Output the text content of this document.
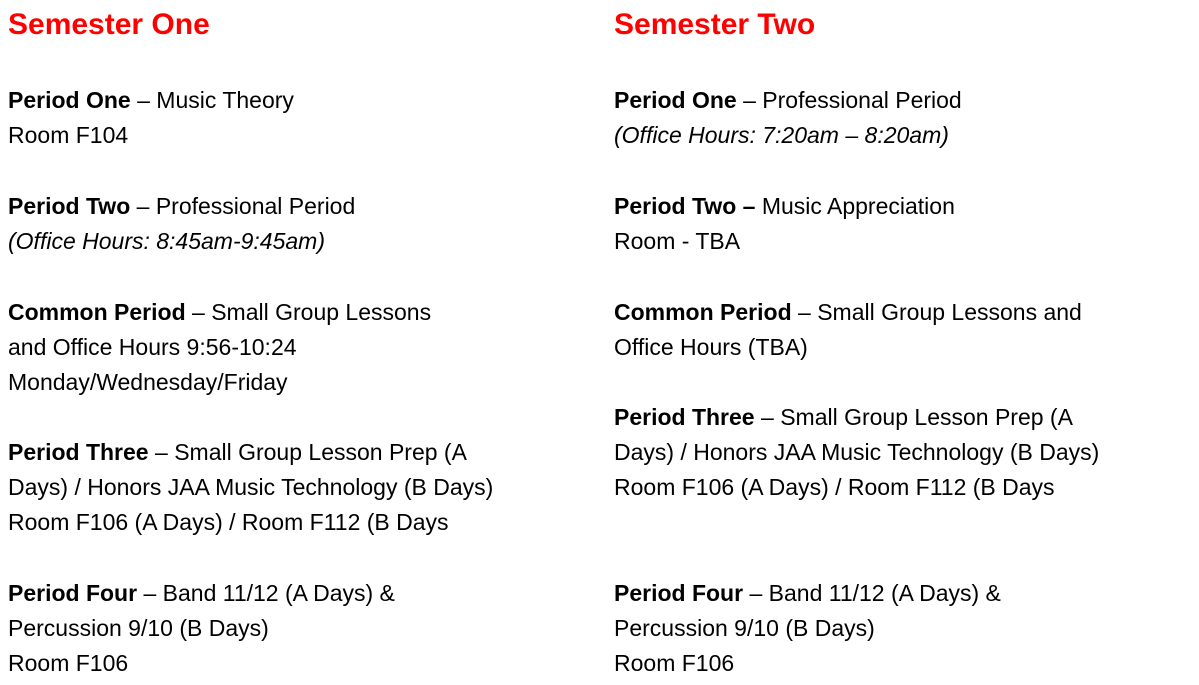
Semester One
Period One – Music Theory
Room F104
Period Two – Professional Period
(Office Hours: 8:45am-9:45am)
Common Period – Small Group Lessons
and Office Hours 9:56-10:24
Monday/Wednesday/Friday
Period Three – Small Group Lesson Prep (A
Days) / Honors JAA Music Technology (B Days)
Room F106 (A Days) / Room F112 (B Days
Period Four – Band 11/12 (A Days) &
Percussion 9/10 (B Days)
Room F106
Semester Two
Period One – Professional Period
(Office Hours: 7:20am – 8:20am)
Period Two – Music Appreciation
Room - TBA
Common Period – Small Group Lessons and
Office Hours (TBA)
Period Three – Small Group Lesson Prep (A
Days) / Honors JAA Music Technology (B Days)
Room F106 (A Days) / Room F112 (B Days
Period Four – Band 11/12 (A Days) &
Percussion 9/10 (B Days)
Room F106
